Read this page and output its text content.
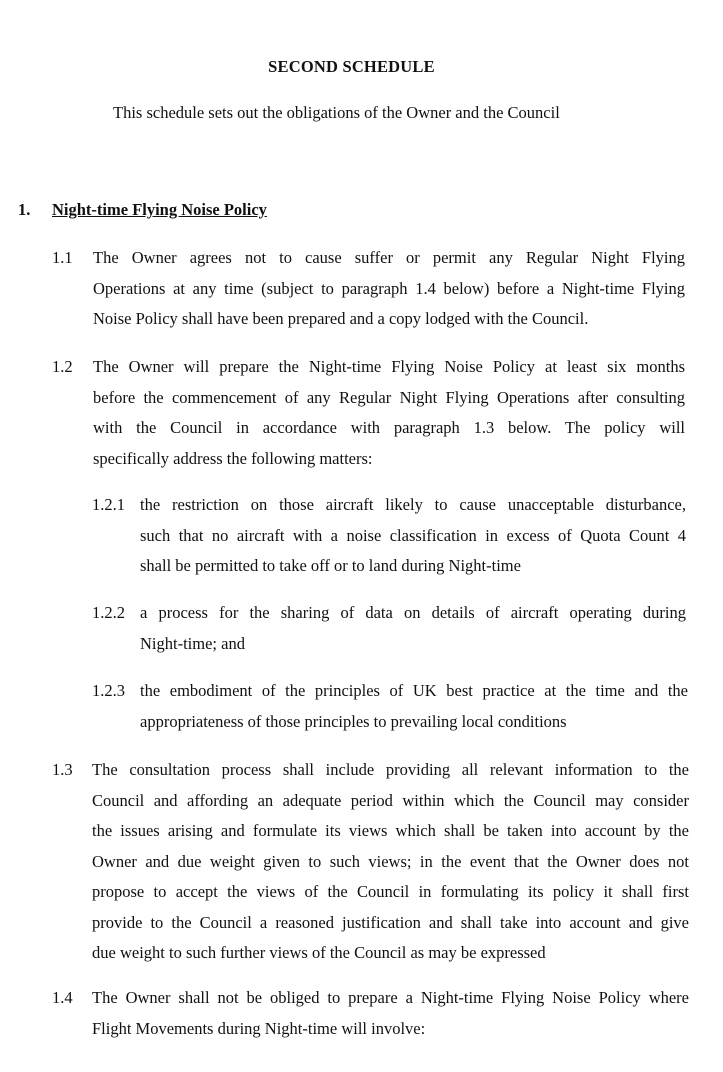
SECOND SCHEDULE
This schedule sets out the obligations of the Owner and the Council
1. Night-time Flying Noise Policy
1.1 The Owner agrees not to cause suffer or permit any Regular Night Flying
Operations at any time (subject to paragraph 1.4 below) before a Night-time Flying
Noise Policy shall have been prepared and a copy lodged with the Council.
1.2 The Owner will prepare the Night-time Flying Noise Policy at least six months
before the commencement of any Regular Night Flying Operations after consulting
with the Council in accordance with paragraph 1.3 below. The policy will
specifically address the following matters:
1.2.1 the restriction on those aircraft likely to cause unacceptable disturbance,
such that no aircraft with a noise classification in excess of Quota Count 4
shall be permitted to take off or to land during Night-time
1.2.2 a process for the sharing of data on details of aircraft operating during
Night-time; and
1.2.3 the embodiment of the principles of UK best practice at the time and the
appropriateness of those principles to prevailing local conditions
1.3 The consultation process shall include providing all relevant information to the
Council and affording an adequate period within which the Council may consider
the issues arising and formulate its views which shall be taken into account by the
Owner and due weight given to such views; in the event that the Owner does not
propose to accept the views of the Council in formulating its policy it shall first
provide to the Council a reasoned justification and shall take into account and give
due weight to such further views of the Council as may be expressed
1.4 The Owner shall not be obliged to prepare a Night-time Flying Noise Policy where
Flight Movements during Night-time will involve:
